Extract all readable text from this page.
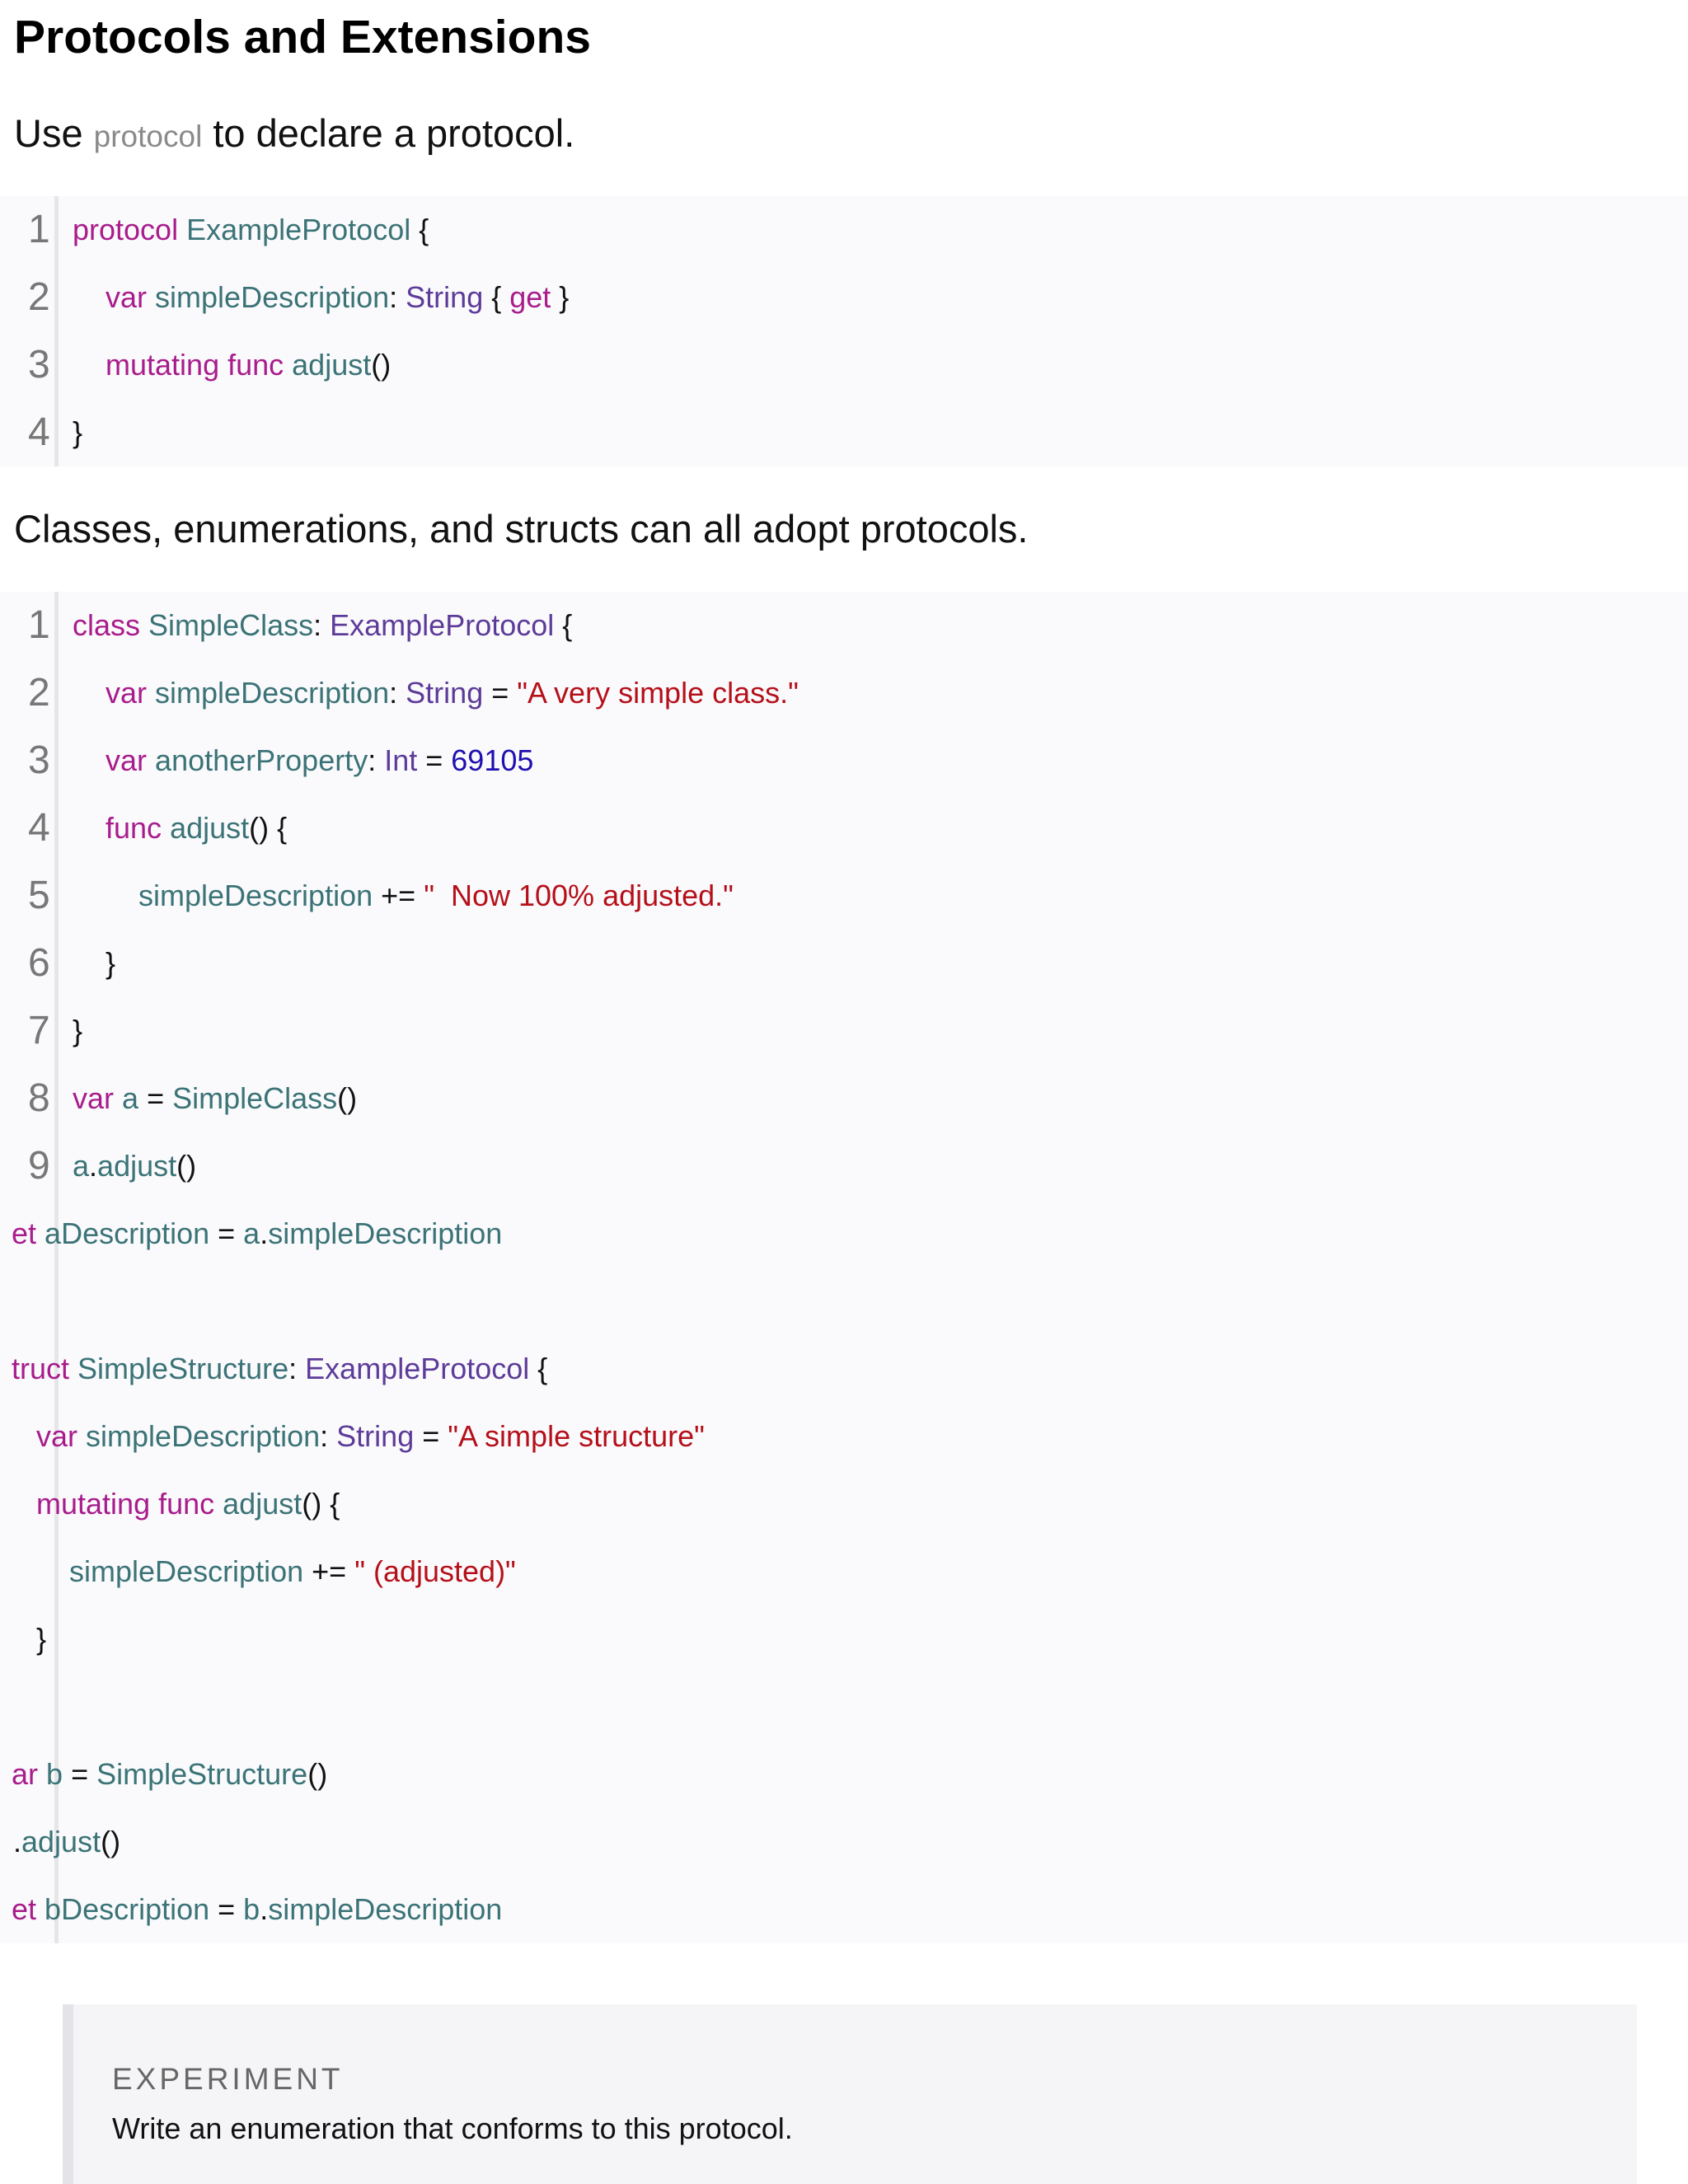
Protocols and Extensions

Use protocol to declare a protocol.

1 protocol ExampleProtocol {
2	var simpleDescription: String { get }
3	mutating func adjust()
4 }

Classes, enumerations, and structs can all adopt protocols.

1 class SimpleClass: ExampleProtocol {
2	var simpleDescription: String = "A very simple class."
3	var anotherProperty: Int = 69105
4	func adjust() {
5	simpleDescription += "  Now 100% adjusted."
6 }
7 }
8 var a = SimpleClass()
9 a.adjust()
et aDescription = a.simpleDescription
truct SimpleStructure: ExampleProtocol {
var simpleDescription: String = "A simple structure"
mutating func adjust() {
simpleDescription += " (adjusted)"
}
ar b = SimpleStructure()
.adjust()
et bDescription = b.simpleDescription

EXPERIMENT

Write an enumeration that conforms to this protocol.
